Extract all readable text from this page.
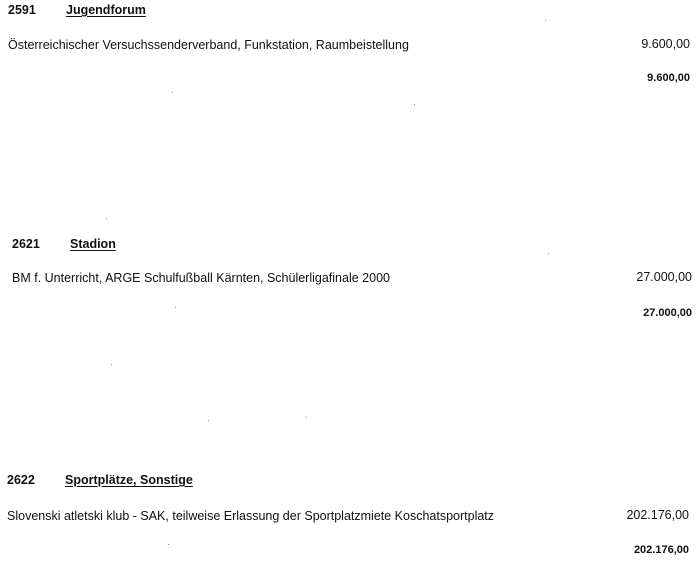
2591 Jugendforum
Österreichischer Versuchssenderverband, Funkstation, Raumbeistellung	9.600,00
9.600,00
2621 Stadion
BM f. Unterricht, ARGE Schulfußball Kärnten, Schülerligafinale 2000	27.000,00
27.000,00
2622 Sportplätze, Sonstige
Slovenski atletski klub - SAK, teilweise Erlassung der Sportplatzmiete Koschatsportplatz	202.176,00
202.176,00
